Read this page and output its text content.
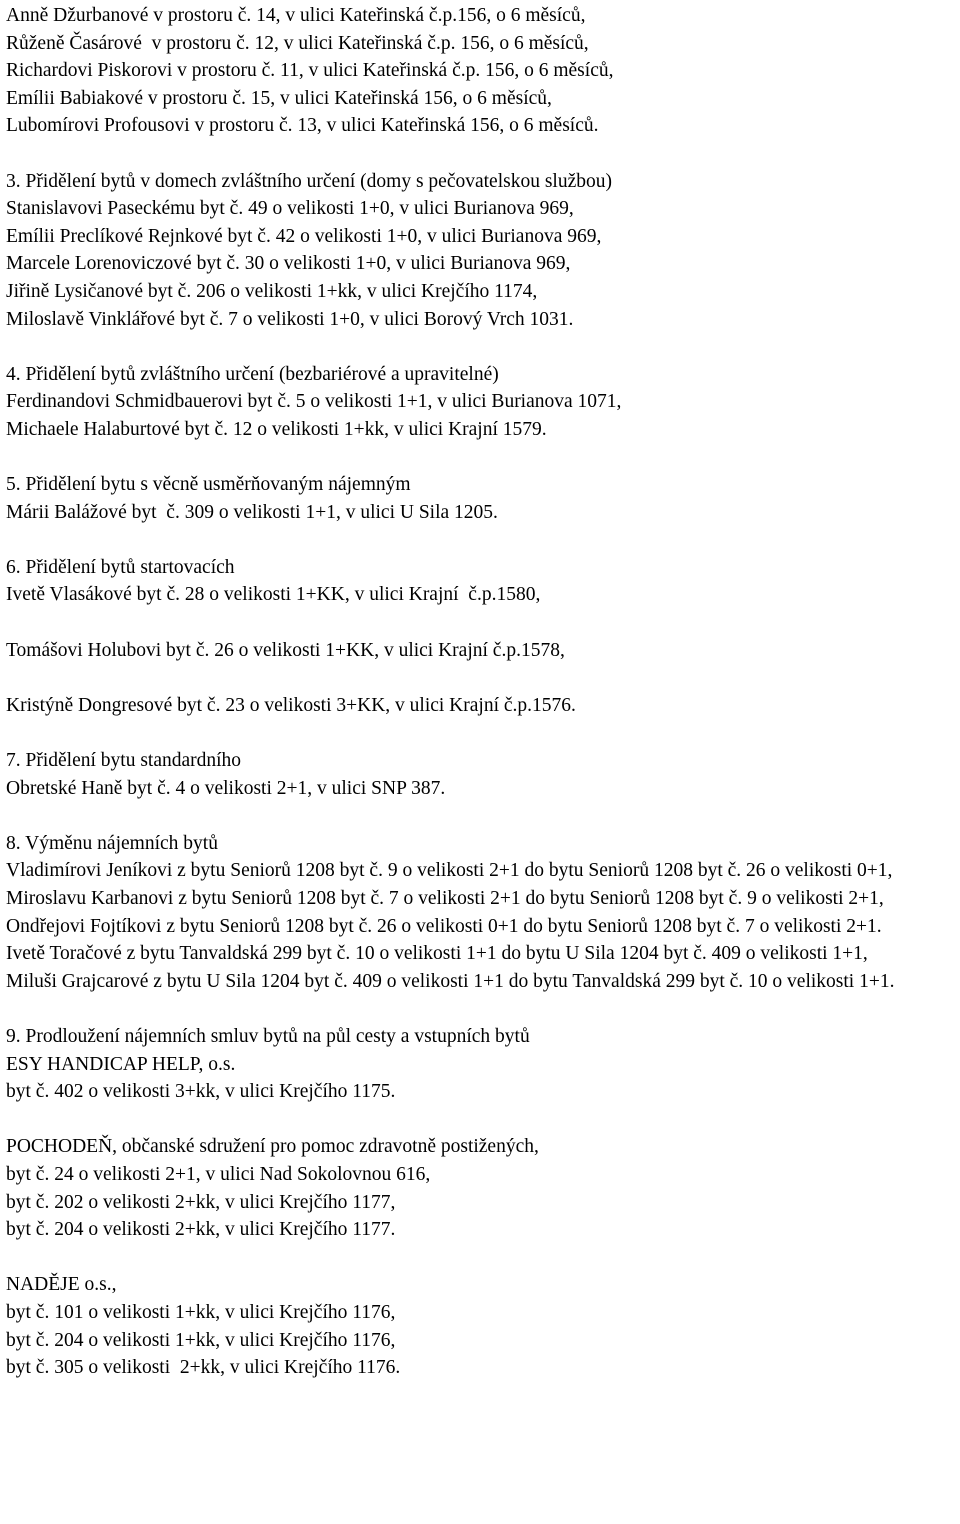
Anně Džurbanové v prostoru č. 14, v ulici Kateřinská č.p.156, o 6 měsíců,
Růženě Časárové  v prostoru č. 12, v ulici Kateřinská č.p. 156, o 6 měsíců,
Richardovi Piskorovi v prostoru č. 11, v ulici Kateřinská č.p. 156, o 6 měsíců,
Emílii Babiakové v prostoru č. 15, v ulici Kateřinská 156, o 6 měsíců,
Lubomírovi Profousovi v prostoru č. 13, v ulici Kateřinská 156, o 6 měsíců.
3. Přidělení bytů v domech zvláštního určení (domy s pečovatelskou službou)
Stanislavovi Paseckému byt č. 49 o velikosti 1+0, v ulici Burianova 969,
Emílii Preclíkové Rejnkové byt č. 42 o velikosti 1+0, v ulici Burianova 969,
Marcele Lorenoviczové byt č. 30 o velikosti 1+0, v ulici Burianova 969,
Jiřině Lysičanové byt č. 206 o velikosti 1+kk, v ulici Krejčího 1174,
Miloslavě Vinklářové byt č. 7 o velikosti 1+0, v ulici Borový Vrch 1031.
4. Přidělení bytů zvláštního určení (bezbariérové a upravitelné)
Ferdinandovi Schmidbauerovi byt č. 5 o velikosti 1+1, v ulici Burianova 1071,
Michaele Halaburtové byt č. 12 o velikosti 1+kk, v ulici Krajní 1579.
5. Přidělení bytu s věcně usměrňovaným nájemným
Márii Balážové byt  č. 309 o velikosti 1+1, v ulici U Sila 1205.
6. Přidělení bytů startovacích
Ivetě Vlasákové byt č. 28 o velikosti 1+KK, v ulici Krajní  č.p.1580,
Tomášovi Holubovi byt č. 26 o velikosti 1+KK, v ulici Krajní č.p.1578,
Kristýně Dongresové byt č. 23 o velikosti 3+KK, v ulici Krajní č.p.1576.
7. Přidělení bytu standardního
Obretské Haně byt č. 4 o velikosti 2+1, v ulici SNP 387.
8. Výměnu nájemních bytů

Vladimírovi Jeníkovi z bytu Seniorů 1208 byt č. 9 o velikosti 2+1 do bytu Seniorů 1208 byt č. 26 o velikosti 0+1,

Miroslavu Karbanovi z bytu Seniorů 1208 byt č. 7 o velikosti 2+1 do bytu Seniorů 1208 byt č. 9 o velikosti 2+1,

Ondřejovi Fojtíkovi z bytu Seniorů 1208 byt č. 26 o velikosti 0+1 do bytu Seniorů 1208 byt č. 7 o velikosti 2+1.

Ivetě Toračové z bytu Tanvaldská 299 byt č. 10 o velikosti 1+1 do bytu U Sila 1204 byt č. 409 o velikosti 1+1,

Miluši Grajcarové z bytu U Sila 1204 byt č. 409 o velikosti 1+1 do bytu Tanvaldská 299 byt č. 10 o velikosti 1+1.

9. Prodloužení nájemních smluv bytů na půl cesty a vstupních bytů
ESY HANDICAP HELP, o.s.
byt č. 402 o velikosti 3+kk, v ulici Krejčího 1175.
POCHODEŇ, občanské sdružení pro pomoc zdravotně postižených,
byt č. 24 o velikosti 2+1, v ulici Nad Sokolovnou 616,
byt č. 202 o velikosti 2+kk, v ulici Krejčího 1177,
byt č. 204 o velikosti 2+kk, v ulici Krejčího 1177.
NADĚJE o.s.,
byt č. 101 o velikosti 1+kk, v ulici Krejčího 1176,
byt č. 204 o velikosti 1+kk, v ulici Krejčího 1176,
byt č. 305 o velikosti  2+kk, v ulici Krejčího 1176.
